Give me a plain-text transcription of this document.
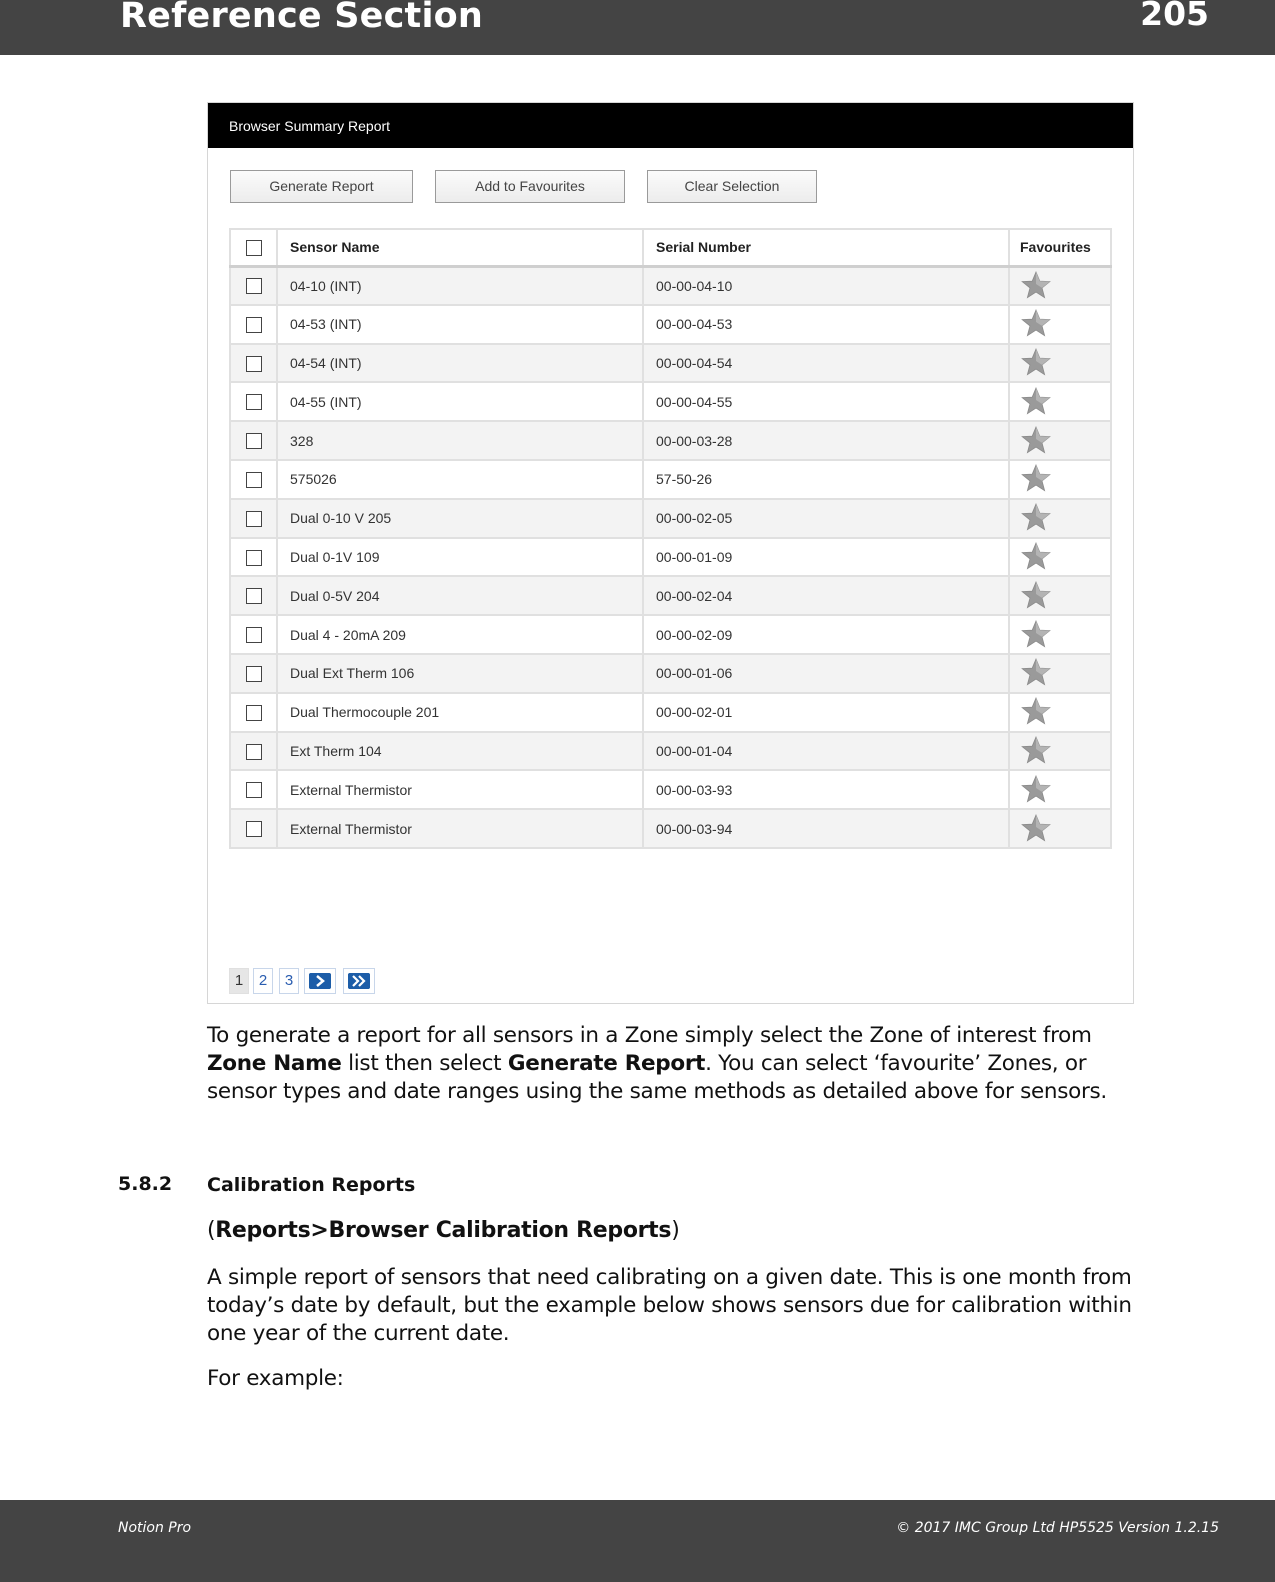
Reference Section	205
Browser Summary Report
Generate Report	Add to Favourites	Clear Selection
	Sensor Name	Serial Number	Favourites
	04-10 (INT)	00-00-04-10	
	04-53 (INT)	00-00-04-53	
	04-54 (INT)	00-00-04-54	
	04-55 (INT)	00-00-04-55	
	328	00-00-03-28	
	575026	57-50-26	
	Dual 0-10 V 205	00-00-02-05	
	Dual 0-1V 109	00-00-01-09	
	Dual 0-5V 204	00-00-02-04	
	Dual 4 - 20mA 209	00-00-02-09	
	Dual Ext Therm 106	00-00-01-06	
	Dual Thermocouple 201	00-00-02-01	
	Ext Therm 104	00-00-01-04	
	External Thermistor	00-00-03-93	
	External Thermistor	00-00-03-94	
1	2	3
To generate a report for all sensors in a Zone simply select the Zone of interest from Zone Name list then select Generate Report. You can select ‘favourite’ Zones, or sensor types and date ranges using the same methods as detailed above for sensors.
5.8.2 Calibration Reports
(Reports>Browser Calibration Reports)
A simple report of sensors that need calibrating on a given date. This is one month from today’s date by default, but the example below shows sensors due for calibration within one year of the current date.
For example:
Notion Pro	© 2017 IMC Group Ltd HP5525 Version 1.2.15
